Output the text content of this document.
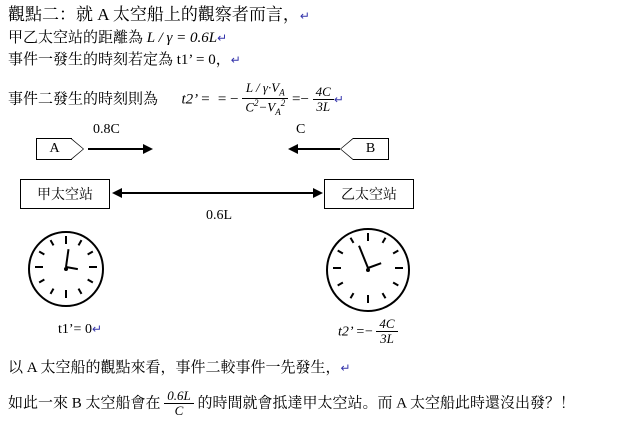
觀點二：就 A 太空船上的觀察者而言，↵
甲乙太空站的距離為 L / γ = 0.6L↵
事件一發生的時刻若定為 t1’ = 0，↵
事件二發生的時刻則為 t2’ =  = − $\frac{L / \gamma\cdot V_A}{C^2-V_A^2} =- \frac{4C}{3L}$ ↵
A
0.8C
B
C
甲太空站	乙太空站
0.6L
t1’= 0↵	t2’ =− $\frac{4C}{3L}$
以 A 太空船的觀點來看，事件二較事件一先發生，↵
如此一來 B 太空船會在 $\frac{0.6L}{C}$ 的時間就會抵達甲太空站。而 A 太空船此時還沒出發？！
